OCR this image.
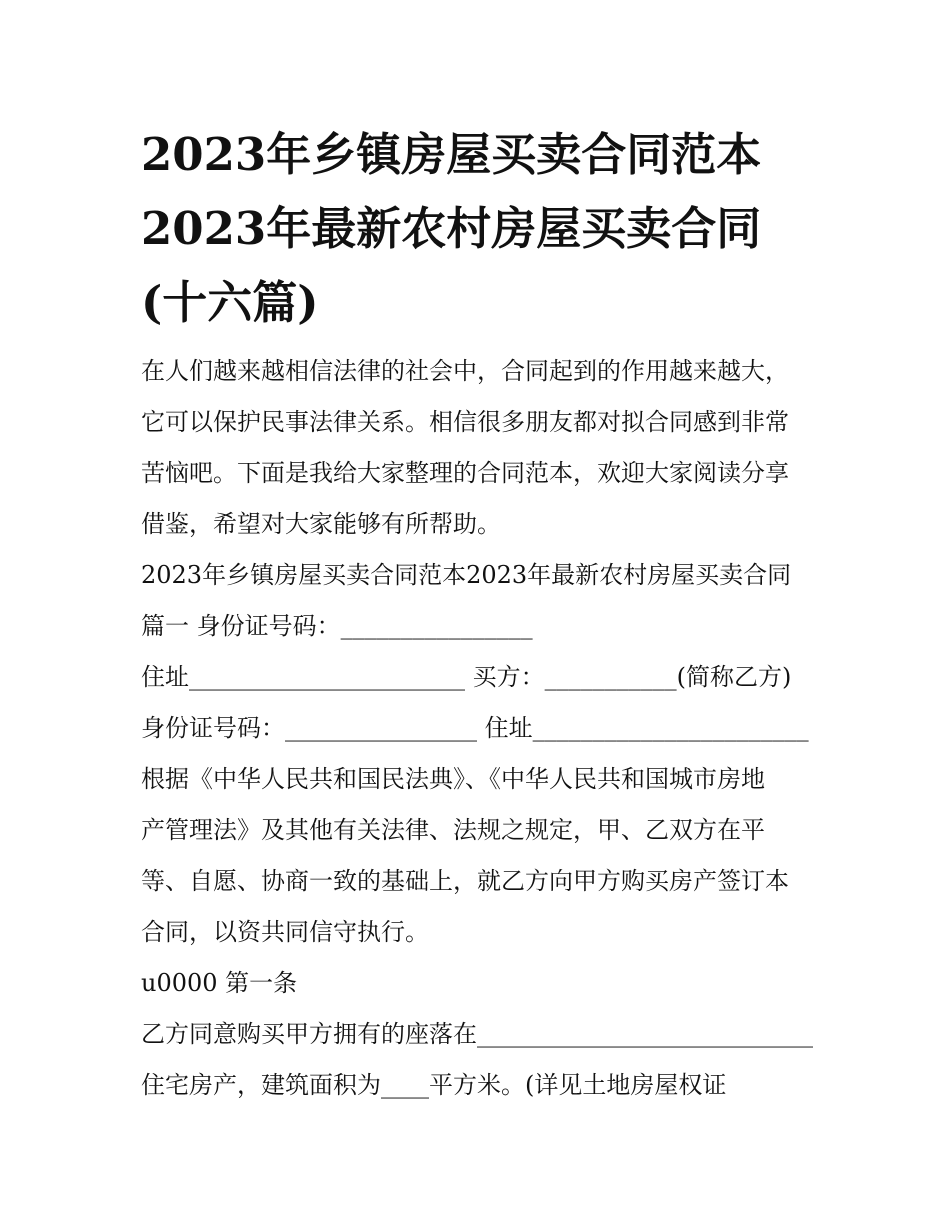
2023年乡镇房屋买卖合同范本
2023年最新农村房屋买卖合同
(十六篇)
在人们越来越相信法律的社会中，合同起到的作用越来越大，
它可以保护民事法律关系。相信很多朋友都对拟合同感到非常
苦恼吧。下面是我给大家整理的合同范本，欢迎大家阅读分享
借鉴，希望对大家能够有所帮助。
2023年乡镇房屋买卖合同范本2023年最新农村房屋买卖合同
篇一 身份证号码：________________
住址_______________________ 买方：___________(简称乙方)
身份证号码：________________ 住址_______________________
根据《中华人民共和国民法典》、《中华人民共和国城市房地
产管理法》及其他有关法律、法规之规定，甲、乙双方在平
等、自愿、协商一致的基础上，就乙方向甲方购买房产签订本
合同，以资共同信守执行。
u0000 第一条
乙方同意购买甲方拥有的座落在____________________________
住宅房产，建筑面积为____平方米。(详见土地房屋权证
